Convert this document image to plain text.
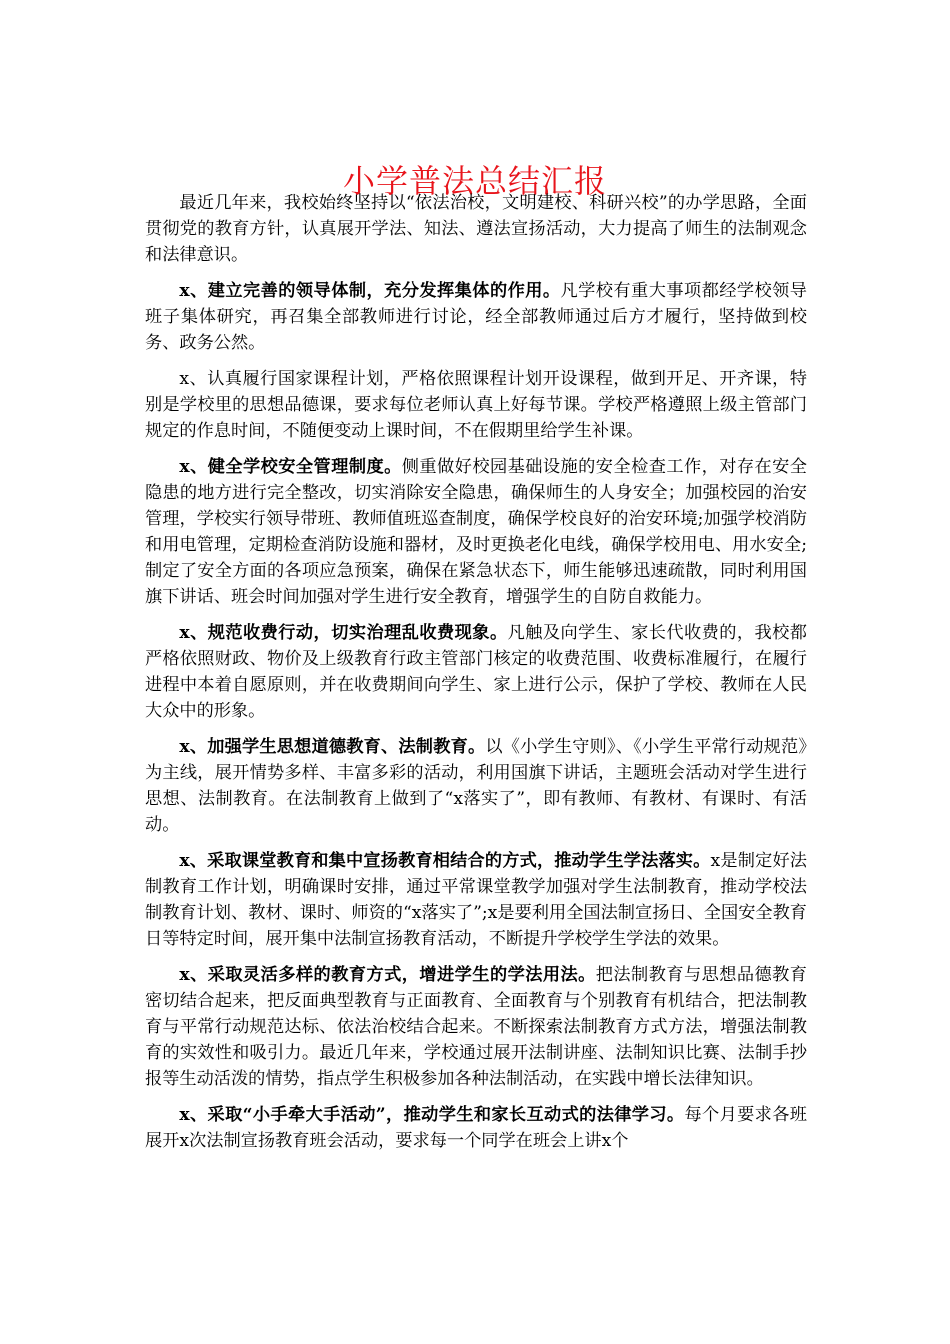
小学普法总结汇报

最近几年来，我校始终坚持以“依法治校，文明建校、科研兴校”的办学思路，全面贯彻党的教育方针，认真展开学法、知法、遵法宣扬活动，大力提高了师生的法制观念和法律意识。

x、建立完善的领导体制，充分发挥集体的作用。凡学校有重大事项都经学校领导班子集体研究，再召集全部教师进行讨论，经全部教师通过后方才履行，坚持做到校务、政务公然。

x、认真履行国家课程计划，严格依照课程计划开设课程，做到开足、开齐课，特别是学校里的思想品德课，要求每位老师认真上好每节课。学校严格遵照上级主管部门规定的作息时间，不随便变动上课时间，不在假期里给学生补课。

x、健全学校安全管理制度。侧重做好校园基础设施的安全检查工作，对存在安全隐患的地方进行完全整改，切实消除安全隐患，确保师生的人身安全；加强校园的治安管理，学校实行领导带班、教师值班巡查制度，确保学校良好的治安环境;加强学校消防和用电管理，定期检查消防设施和器材，及时更换老化电线，确保学校用电、用水安全;制定了安全方面的各项应急预案，确保在紧急状态下，师生能够迅速疏散，同时利用国旗下讲话、班会时间加强对学生进行安全教育，增强学生的自防自救能力。

x、规范收费行动，切实治理乱收费现象。凡触及向学生、家长代收费的，我校都严格依照财政、物价及上级教育行政主管部门核定的收费范围、收费标准履行，在履行进程中本着自愿原则，并在收费期间向学生、家上进行公示，保护了学校、教师在人民大众中的形象。

x、加强学生思想道德教育、法制教育。以《小学生守则》、《小学生平常行动规范》为主线，展开情势多样、丰富多彩的活动，利用国旗下讲话，主题班会活动对学生进行思想、法制教育。在法制教育上做到了“x落实了”，即有教师、有教材、有课时、有活动。

x、采取课堂教育和集中宣扬教育相结合的方式，推动学生学法落实。x是制定好法制教育工作计划，明确课时安排，通过平常课堂教学加强对学生法制教育，推动学校法制教育计划、教材、课时、师资的“x落实了”;x是要利用全国法制宣扬日、全国安全教育日等特定时间，展开集中法制宣扬教育活动，不断提升学校学生学法的效果。

x、采取灵活多样的教育方式，增进学生的学法用法。把法制教育与思想品德教育密切结合起来，把反面典型教育与正面教育、全面教育与个别教育有机结合，把法制教育与平常行动规范达标、依法治校结合起来。不断探索法制教育方式方法，增强法制教育的实效性和吸引力。最近几年来，学校通过展开法制讲座、法制知识比赛、法制手抄报等生动活泼的情势，指点学生积极参加各种法制活动，在实践中增长法律知识。

x、采取“小手牵大手活动”，推动学生和家长互动式的法律学习。每个月要求各班展开x次法制宣扬教育班会活动，要求每一个同学在班会上讲x个
